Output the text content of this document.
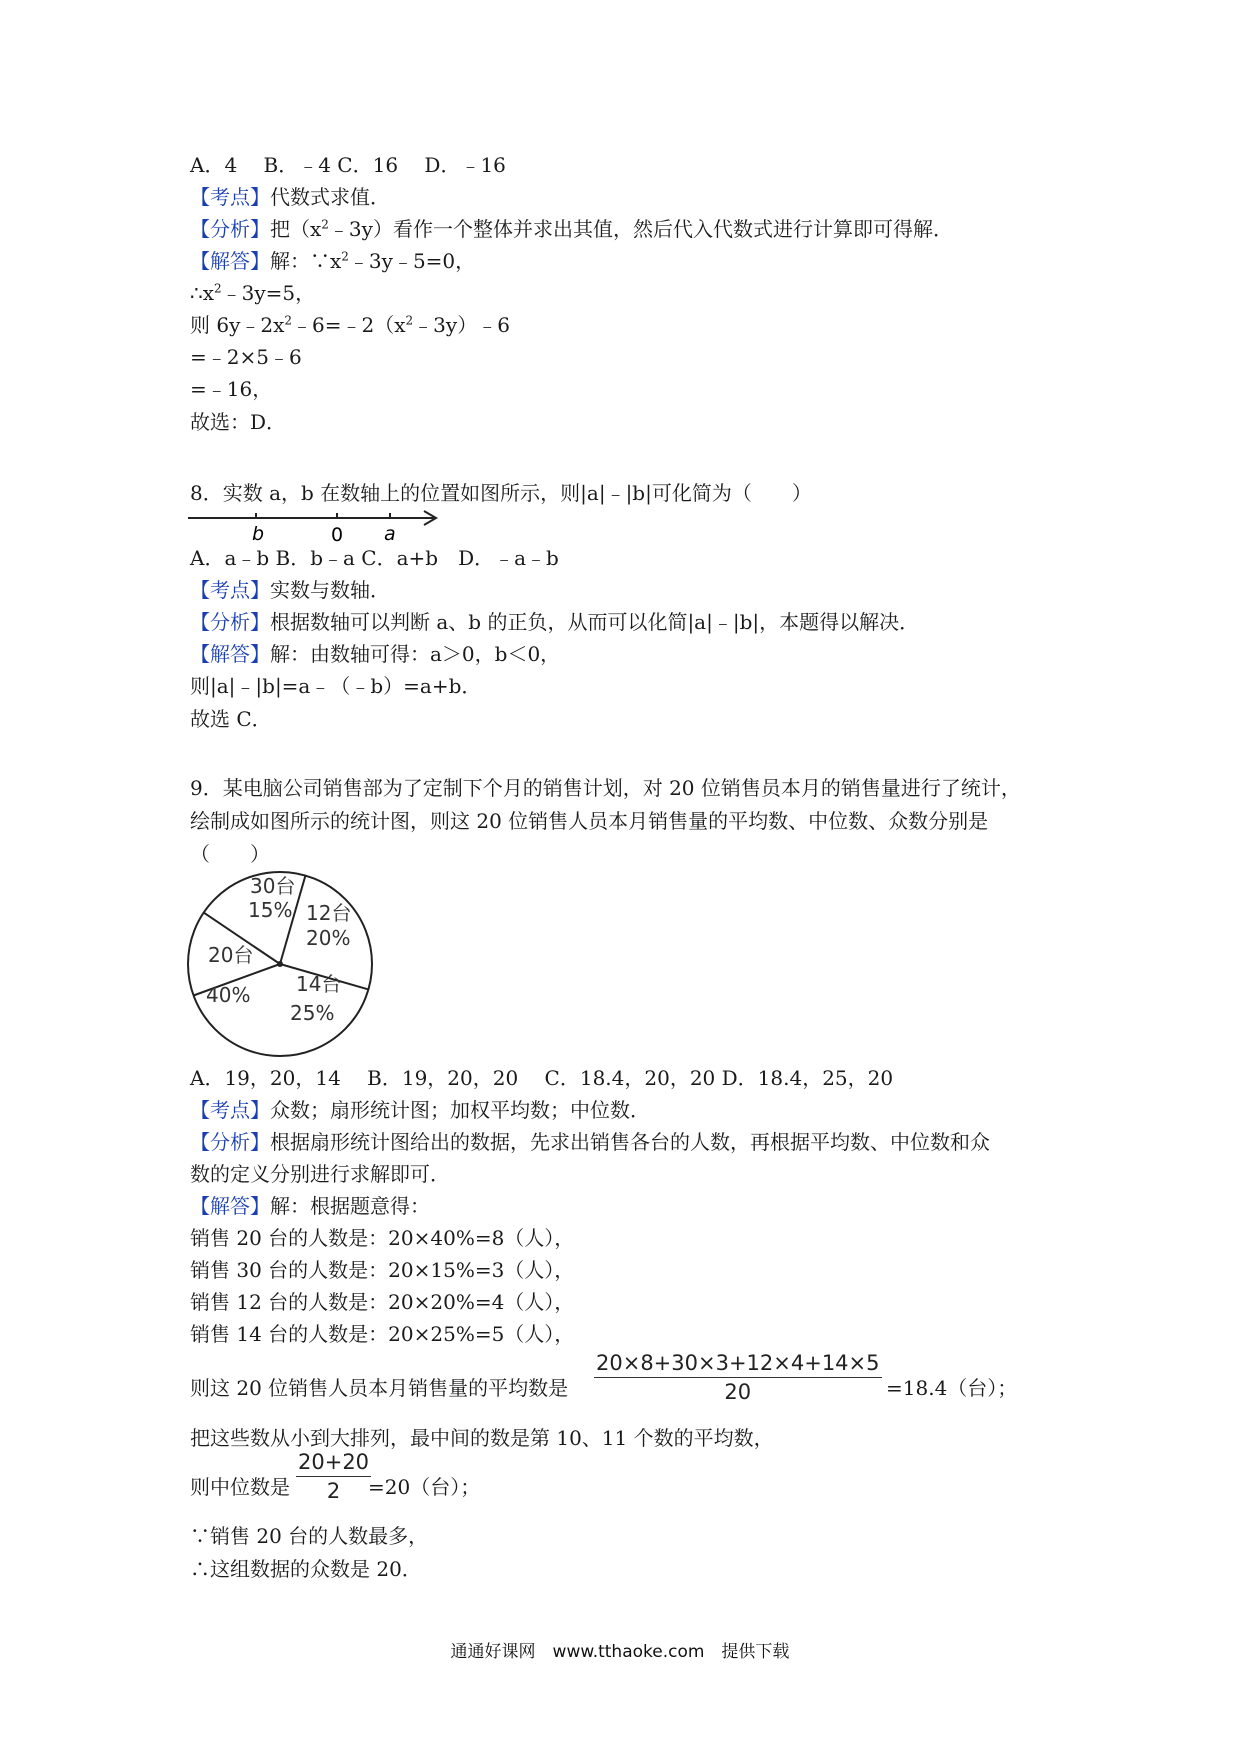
A．4　 B．﹣4 C．16　 D．﹣16
【考点】代数式求值．
【分析】把$(x^2﹣3y)$看作一个整体并求出其值，然后代入代数式进行计算即可得解．
【解答】解：$\because x^2﹣3y﹣5=0$，
$\therefore x^2﹣3y=5$，
则 $6y﹣2x^2﹣6=﹣2(x^2﹣3y)﹣6$
=﹣2×5﹣6
=﹣16，
故选：D．
8．实数 a，b 在数轴上的位置如图所示，则|a|﹣|b|可化简为（　　）
b	0 a
A．a﹣b B．b﹣a C．a+b　D．﹣a﹣b
【考点】实数与数轴．
【分析】根据数轴可以判断 a、b 的正负，从而可以化简|a|﹣|b|，本题得以解决．
【解答】解：由数轴可得：a＞0，b＜0，
则|a|﹣|b|=a﹣（﹣b）=a+b．
故选 C．
9．某电脑公司销售部为了定制下个月的销售计划，对 20 位销售员本月的销售量进行了统计，
绘制成如图所示的统计图，则这 20 位销售人员本月销售量的平均数、中位数、众数分别是
（　　）
30台
15% 12台
20%
14台
25%
20台
40%
A．19，20，14　 B．19，20，20　 C．18.4，20，20 D．18.4，25，20
【考点】众数；扇形统计图；加权平均数；中位数．
【分析】根据扇形统计图给出的数据，先求出销售各台的人数，再根据平均数、中位数和众
数的定义分别进行求解即可．
【解答】解：根据题意得：
销售 20 台的人数是：20×40%=8（人），
销售 30 台的人数是：20×15%=3（人），
销售 12 台的人数是：20×20%=4（人），
销售 14 台的人数是：20×25%=5（人），
则这 20 位销售人员本月销售量的平均数是 $\frac{20\times 8+30\times 3+12\times 4+14\times 5}{20} =18.4$（台）；
把这些数从小到大排列，最中间的数是第 10、11 个数的平均数，
则中位数是 $\frac{20+20}{2}$
=20（台）；
∵销售 20 台的人数最多，
∴这组数据的众数是 20．
通通好课网　www.tthaoke.com　提供下载
